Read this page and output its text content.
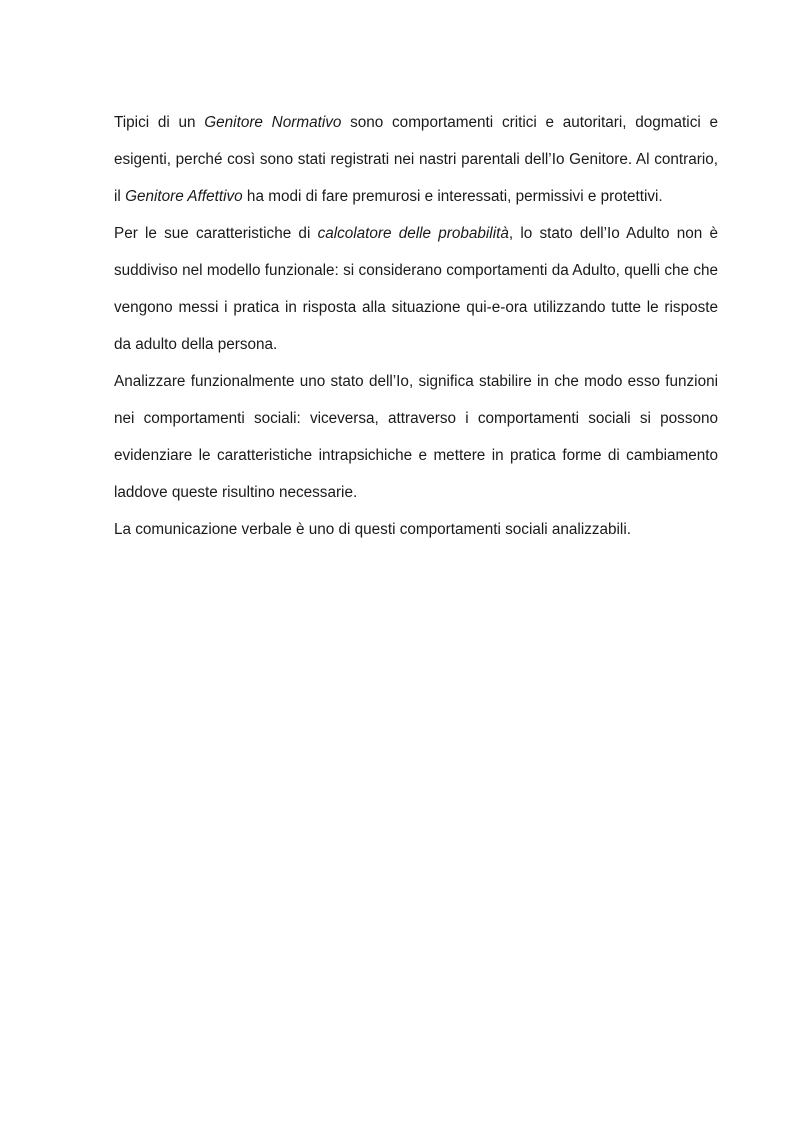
Tipici di un Genitore Normativo sono comportamenti critici e autoritari, dogmatici e esigenti, perché così sono stati registrati nei nastri parentali dell’Io Genitore. Al contrario, il Genitore Affettivo ha modi di fare premurosi e interessati, permissivi e protettivi.

Per le sue caratteristiche di calcolatore delle probabilità, lo stato dell’Io Adulto non è suddiviso nel modello funzionale: si considerano comportamenti da Adulto, quelli che che vengono messi i pratica in risposta alla situazione qui-e-ora utilizzando tutte le risposte da adulto della persona.

Analizzare funzionalmente uno stato dell’Io, significa stabilire in che modo esso funzioni nei comportamenti sociali: viceversa, attraverso i comportamenti sociali si possono evidenziare le caratteristiche intrapsichiche e mettere in pratica forme di cambiamento laddove queste risultino necessarie.

La comunicazione verbale è uno di questi comportamenti sociali analizzabili.
